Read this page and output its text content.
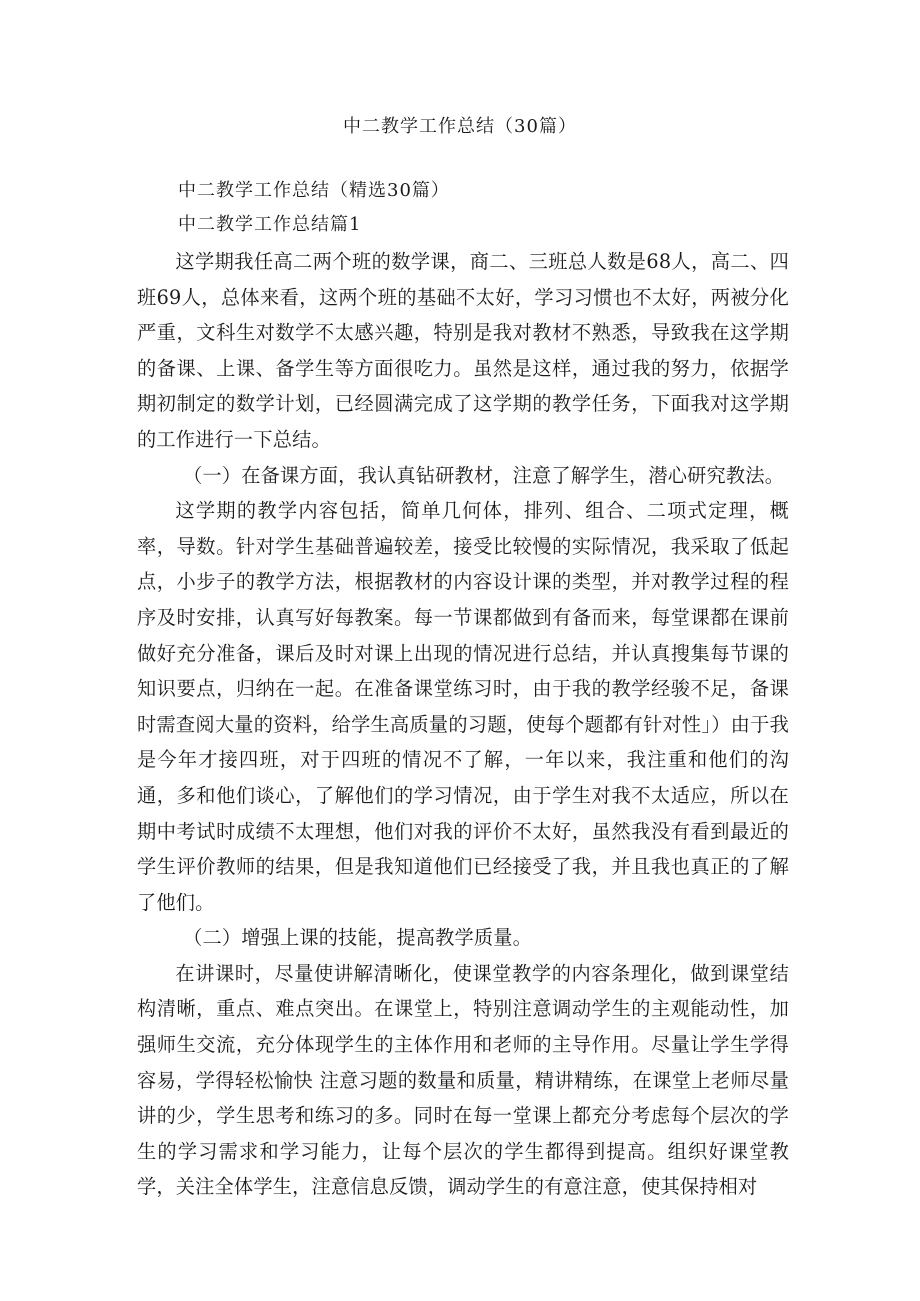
中二教学工作总结（30篇）
中二教学工作总结（精选30篇）
中二教学工作总结篇1

这学期我任高二两个班的数学课，商二、三班总人数是68人，高二、四班69人，总体来看，这两个班的基础不太好，学习习惯也不太好，两被分化严重，文科生对数学不太感兴趣，特别是我对教材不熟悉，导致我在这学期的备课、上课、备学生等方面很吃力。虽然是这样，通过我的努力，依据学期初制定的数学计划，已经圆满完成了这学期的教学任务，下面我对这学期的工作进行一下总结。

（一）在备课方面，我认真钻研教材，注意了解学生，潜心研究教法。

这学期的教学内容包括，简单几何体，排列、组合、二项式定理，概率，导数。针对学生基础普遍较差，接受比较慢的实际情况，我采取了低起点，小步子的教学方法，根据教材的内容设计课的类型，并对教学过程的程序及时安排，认真写好每教案。每一节课都做到有备而来，每堂课都在课前做好充分准备，课后及时对课上出现的情况进行总结，并认真搜集每节课的知识要点，归纳在一起。在准备课堂练习时，由于我的教学经骏不足，备课时需查阅大量的资料，给学生高质量的习题，使每个题都有针对性」）由于我是今年才接四班，对于四班的情况不了解，一年以来，我注重和他们的沟通，多和他们谈心，了解他们的学习情况，由于学生对我不太适应，所以在期中考试时成绩不太理想，他们对我的评价不太好，虽然我没有看到最近的学生评价教师的结果，但是我知道他们已经接受了我，并且我也真正的了解了他们。

（二）增强上课的技能，提高教学质量。

在讲课时，尽量使讲解清晰化，使课堂教学的内容条理化，做到课堂结构清晰，重点、难点突出。在课堂上，特别注意调动学生的主观能动性，加强师生交流，充分体现学生的主体作用和老师的主导作用。尽量让学生学得容易，学得轻松愉快 注意习题的数量和质量，精讲精练，在课堂上老师尽量讲的少，学生思考和练习的多。同时在每一堂课上都充分考虑每个层次的学生的学习需求和学习能力，让每个层次的学生都得到提高。组织好课堂教学，关注全体学生，注意信息反馈，调动学生的有意注意，使其保持相对
